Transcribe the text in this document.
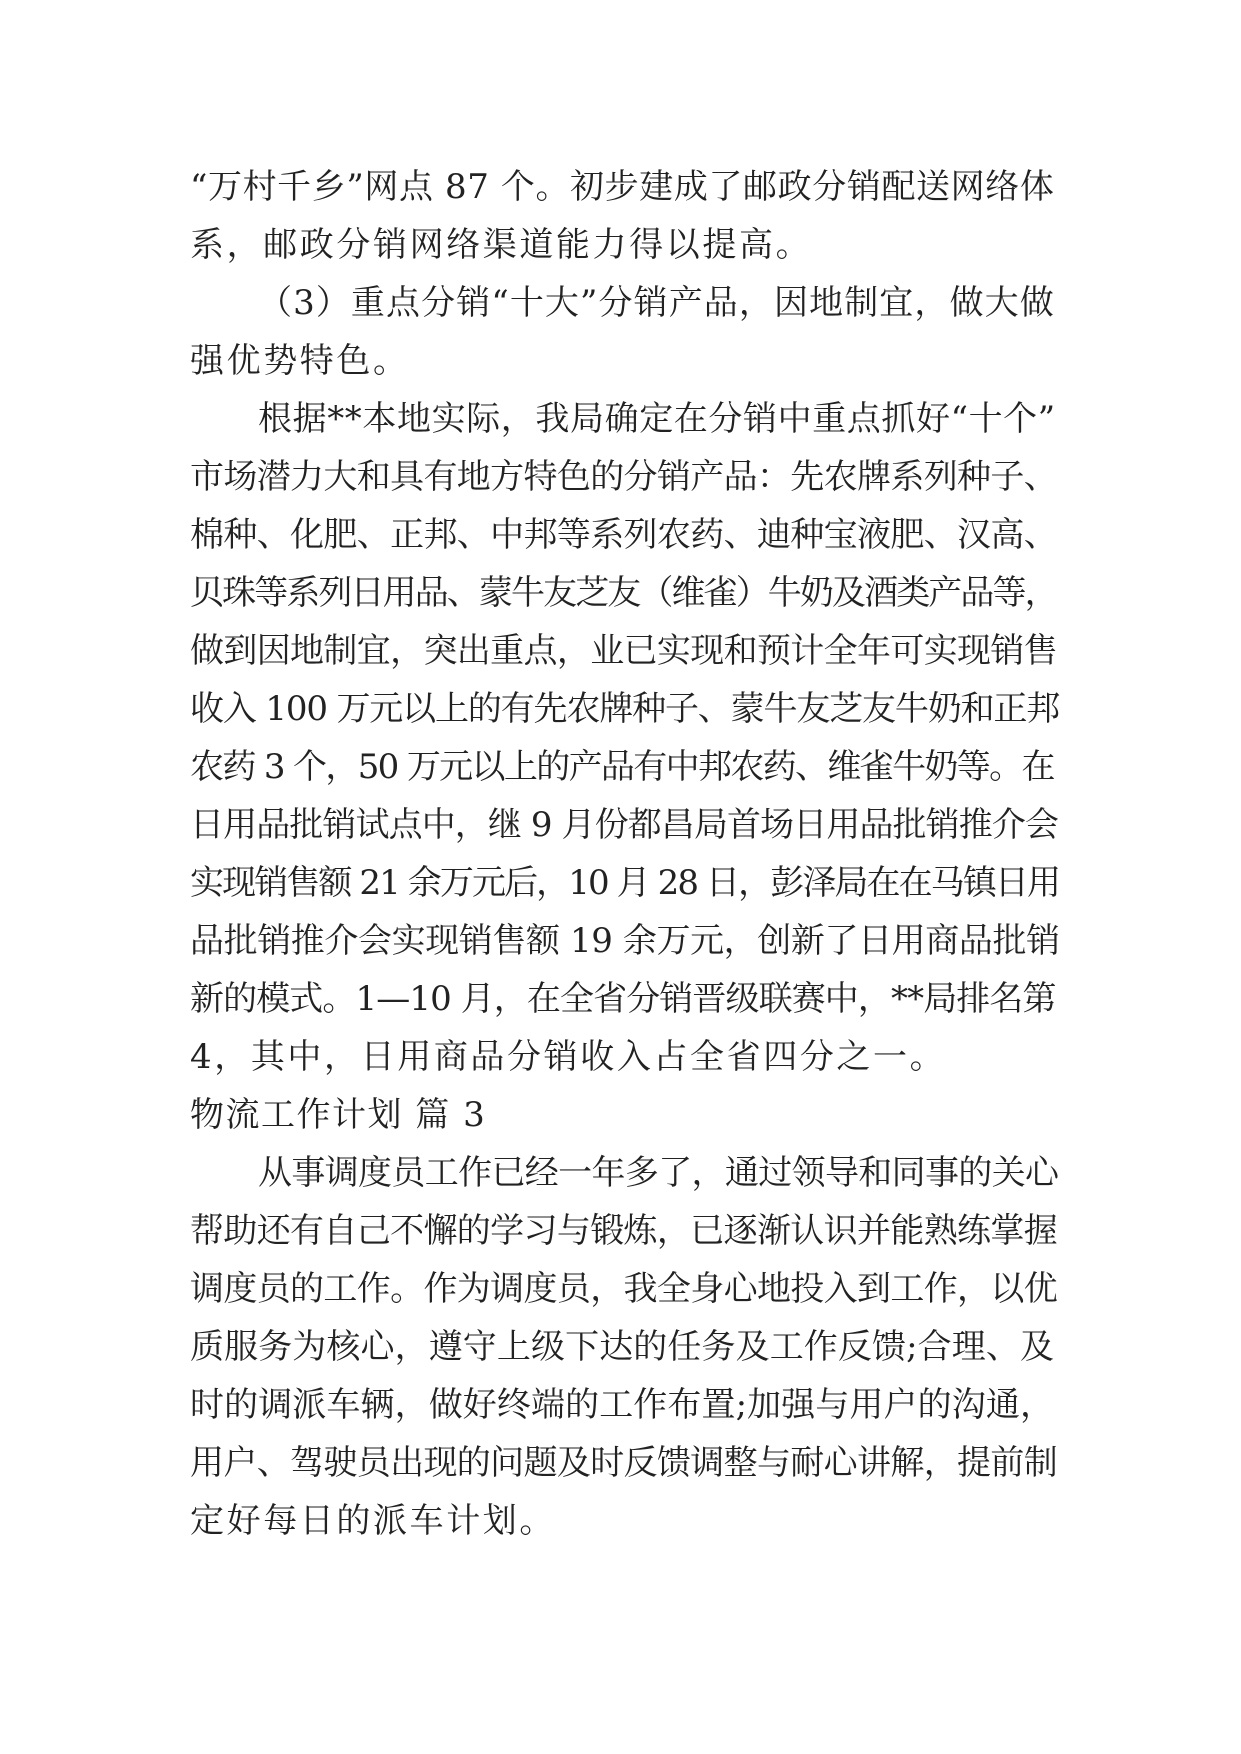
“万村千乡”网点 87 个。初步建成了邮政分销配送网络体

系，邮政分销网络渠道能力得以提高。

（3）重点分销“十大”分销产品，因地制宜，做大做

强优势特色。

根据**本地实际，我局确定在分销中重点抓好“十个”

市场潜力大和具有地方特色的分销产品：先农牌系列种子、

棉种、化肥、正邦、中邦等系列农药、迪种宝液肥、汉高、

贝珠等系列日用品、蒙牛友芝友（维雀）牛奶及酒类产品等，

做到因地制宜，突出重点，业已实现和预计全年可实现销售

收入 100 万元以上的有先农牌种子、蒙牛友芝友牛奶和正邦

农药 3 个，50 万元以上的产品有中邦农药、维雀牛奶等。在

日用品批销试点中，继 9 月份都昌局首场日用品批销推介会

实现销售额 21 余万元后，10 月 28 日，彭泽局在在马镇日用

品批销推介会实现销售额 19 余万元，创新了日用商品批销

新的模式。1—10 月，在全省分销晋级联赛中，**局排名第

4，其中，日用商品分销收入占全省四分之一。

物流工作计划 篇 3

从事调度员工作已经一年多了，通过领导和同事的关心

帮助还有自己不懈的学习与锻炼，已逐渐认识并能熟练掌握

调度员的工作。作为调度员，我全身心地投入到工作，以优

质服务为核心，遵守上级下达的任务及工作反馈;合理、及

时的调派车辆，做好终端的工作布置;加强与用户的沟通，

用户、驾驶员出现的问题及时反馈调整与耐心讲解，提前制

定好每日的派车计划。
